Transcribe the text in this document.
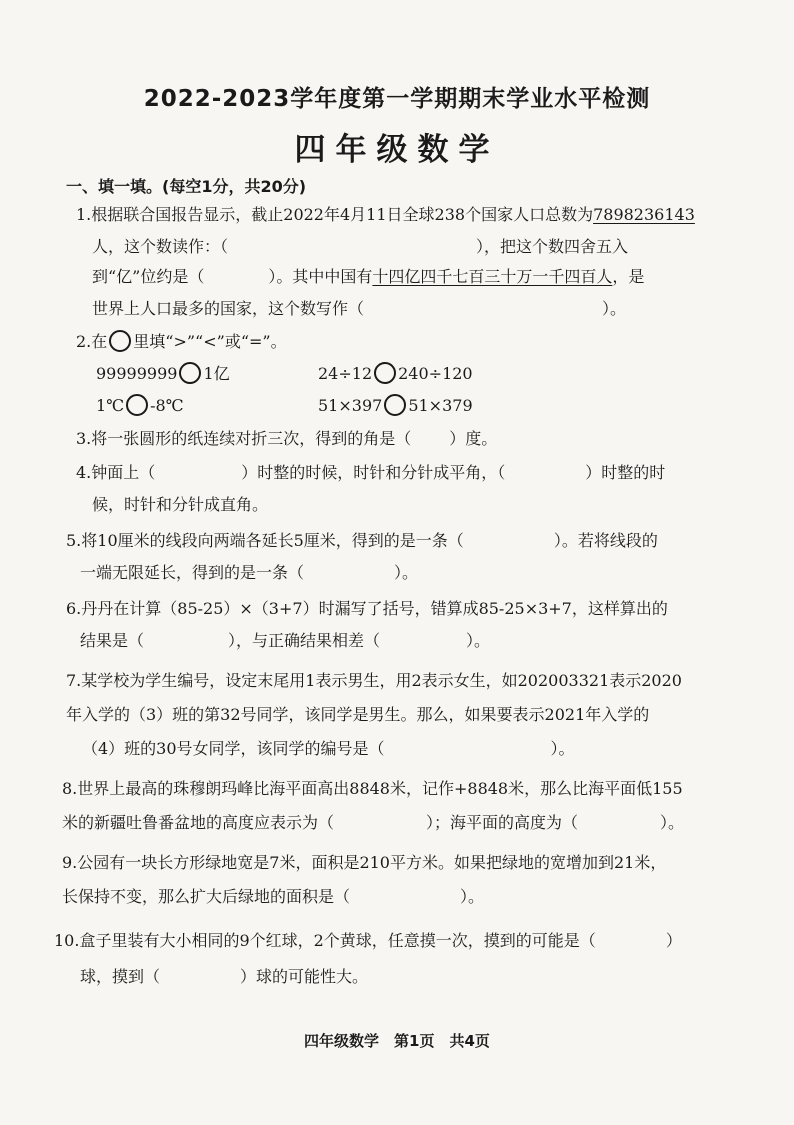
2022-2023学年度第一学期期末学业水平检测
四年级数学
一、填一填。(每空1分，共20分)
1.根据联合国报告显示，截止2022年4月11日全球238个国家人口总数为7898236143
人，这个数读作：（	），把这个数四舍五入
到“亿”位约是（	）。其中中国有十四亿四千七百三十万一千四百人，是
世界上人口最多的国家，这个数写作（	）。
2.在 里填“>”“<”或“=”。
99999999 1亿	24÷12 240÷120
1℃ -8℃	51×397 51×379
3.将一张圆形的纸连续对折三次，得到的角是（ ）度。
4.钟面上（	）时整的时候，时针和分针成平角，（	）时整的时
候，时针和分针成直角。
5.将10厘米的线段向两端各延长5厘米，得到的是一条（	）。若将线段的
一端无限延长，得到的是一条（	）。
6.丹丹在计算（85-25）×（3+7）时漏写了括号，错算成85-25×3+7，这样算出的
结果是（	），与正确结果相差（	）。
7.某学校为学生编号，设定末尾用1表示男生，用2表示女生，如202003321表示2020
年入学的（3）班的第32号同学，该同学是男生。那么，如果要表示2021年入学的
（4）班的30号女同学，该同学的编号是（	）。
8.世界上最高的珠穆朗玛峰比海平面高出8848米，记作+8848米，那么比海平面低155
米的新疆吐鲁番盆地的高度应表示为（	）；海平面的高度为（	）。
9.公园有一块长方形绿地宽是7米，面积是210平方米。如果把绿地的宽增加到21米，
长保持不变，那么扩大后绿地的面积是（	）。
10.盒子里装有大小相同的9个红球，2个黄球，任意摸一次，摸到的可能是（	）
球，摸到（	）球的可能性大。
四年级数学　第1页　共4页
